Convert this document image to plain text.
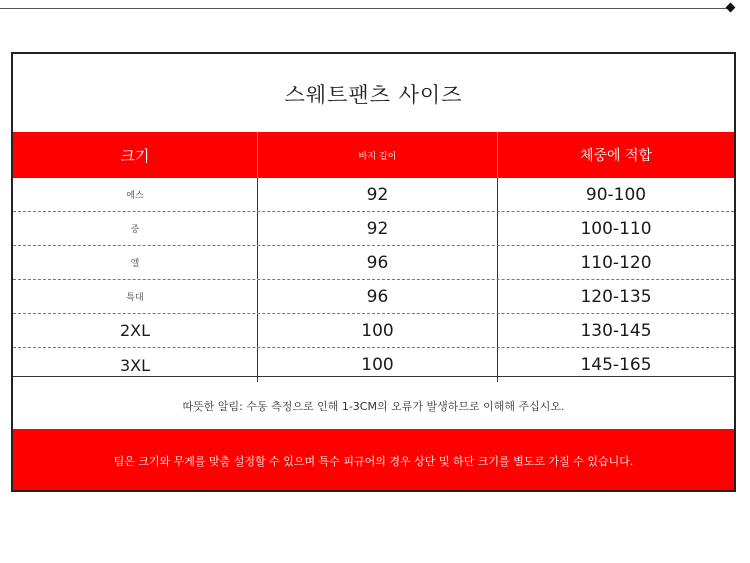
스웨트팬츠 사이즈
크기	바지 길이	체중에 적합
에스	92	90-100
중	92	100-110
엘	96	110-120
특대	96	120-135
2XL	100	130-145
3XL	100	145-165
따뜻한 알림: 수동 측정으로 인해 1-3CM의 오류가 발생하므로 이해해 주십시오.
팀은 크기와 무게를 맞춤 설정할 수 있으며 특수 피규어의 경우 상단 및 하단 크기를 별도로 가질 수 있습니다.
